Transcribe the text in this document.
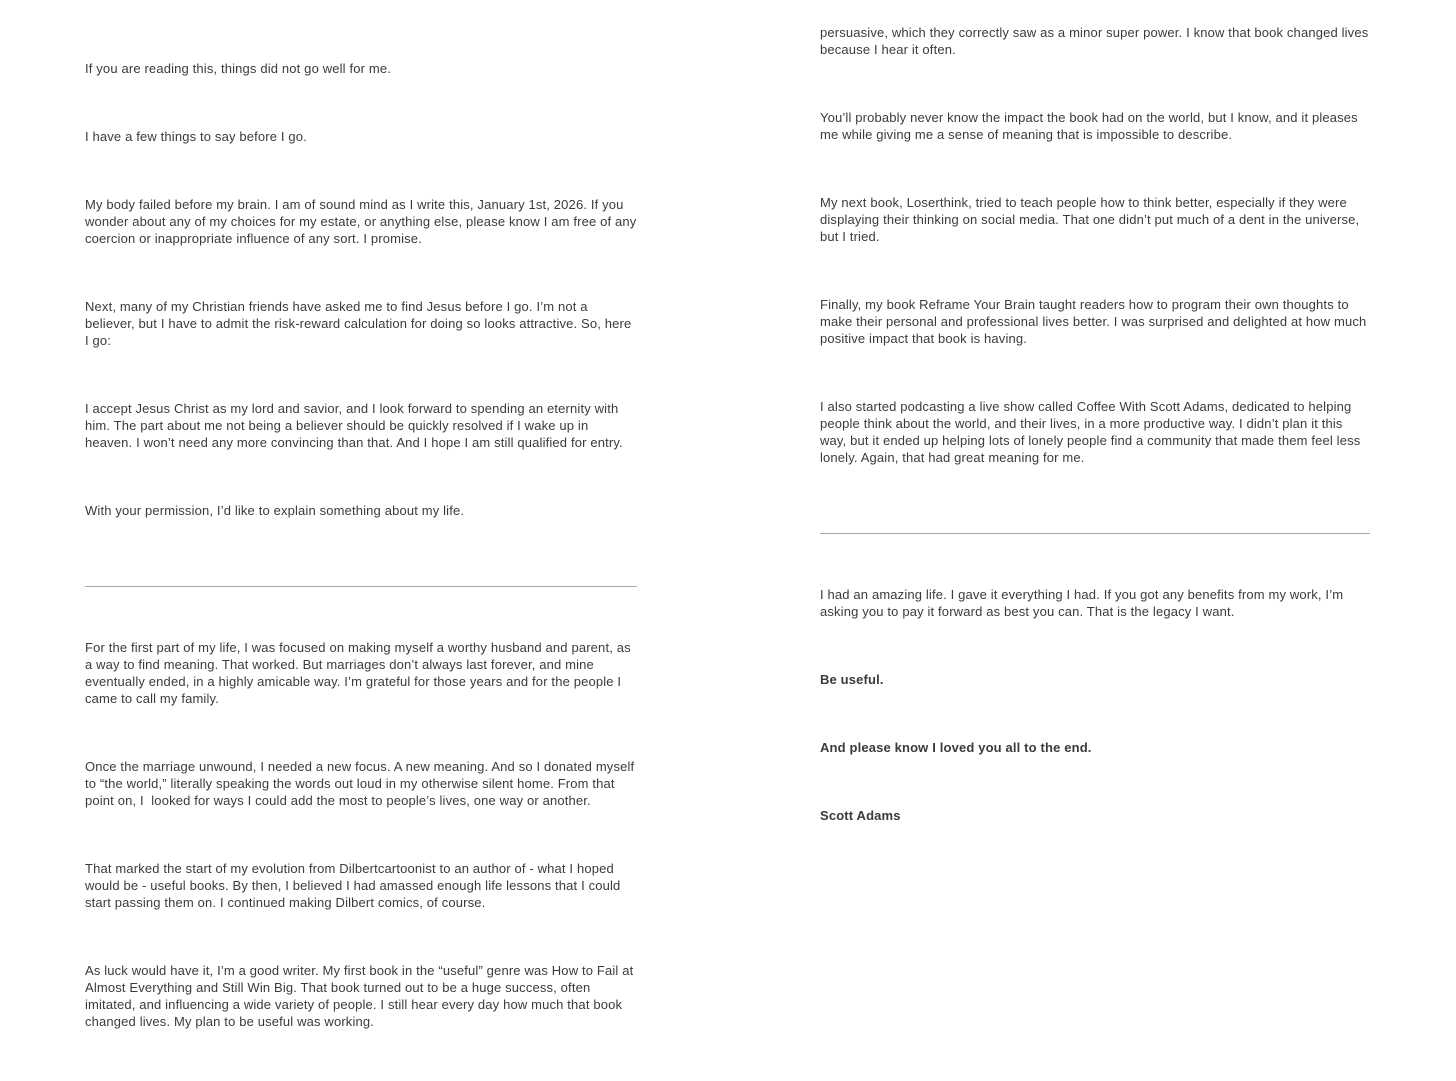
If you are reading this, things did not go well for me.

I have a few things to say before I go.

My body failed before my brain. I am of sound mind as I write this, January 1st, 2026. If you wonder about any of my choices for my estate, or anything else, please know I am free of any coercion or inappropriate influence of any sort. I promise.

Next, many of my Christian friends have asked me to find Jesus before I go. I’m not a believer, but I have to admit the risk-reward calculation for doing so looks attractive. So, here I go:

I accept Jesus Christ as my lord and savior, and I look forward to spending an eternity with him. The part about me not being a believer should be quickly resolved if I wake up in heaven. I won’t need any more convincing than that. And I hope I am still qualified for entry.

With your permission, I’d like to explain something about my life.

For the first part of my life, I was focused on making myself a worthy husband and parent, as a way to find meaning. That worked. But marriages don’t always last forever, and mine eventually ended, in a highly amicable way. I’m grateful for those years and for the people I came to call my family.

Once the marriage unwound, I needed a new focus. A new meaning. And so I donated myself to “the world,” literally speaking the words out loud in my otherwise silent home. From that point on, I  looked for ways I could add the most to people’s lives, one way or another.

That marked the start of my evolution from Dilbertcartoonist to an author of - what I hoped would be - useful books. By then, I believed I had amassed enough life lessons that I could start passing them on. I continued making Dilbert comics, of course.

As luck would have it, I’m a good writer. My first book in the “useful” genre was How to Fail at Almost Everything and Still Win Big. That book turned out to be a huge success, often imitated, and influencing a wide variety of people. I still hear every day how much that book changed lives. My plan to be useful was working.

persuasive, which they correctly saw as a minor super power. I know that book changed lives because I hear it often.

You’ll probably never know the impact the book had on the world, but I know, and it pleases me while giving me a sense of meaning that is impossible to describe.

My next book, Loserthink, tried to teach people how to think better, especially if they were displaying their thinking on social media. That one didn’t put much of a dent in the universe, but I tried.

Finally, my book Reframe Your Brain taught readers how to program their own thoughts to make their personal and professional lives better. I was surprised and delighted at how much positive impact that book is having.

I also started podcasting a live show called Coffee With Scott Adams, dedicated to helping people think about the world, and their lives, in a more productive way. I didn’t plan it this way, but it ended up helping lots of lonely people find a community that made them feel less lonely. Again, that had great meaning for me.

I had an amazing life. I gave it everything I had. If you got any benefits from my work, I’m asking you to pay it forward as best you can. That is the legacy I want.

Be useful.

And please know I loved you all to the end.

Scott Adams
